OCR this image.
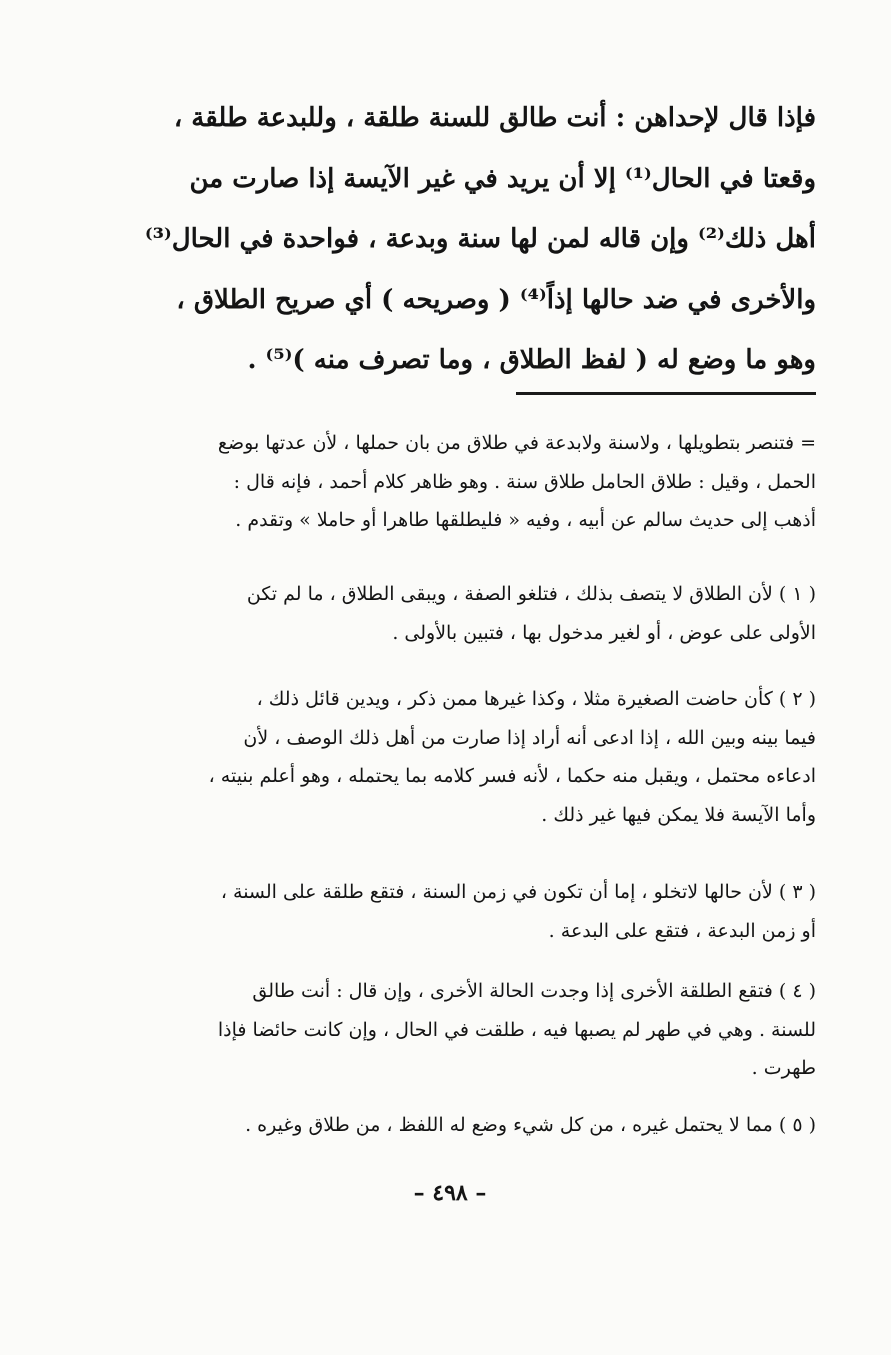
فإذا قال لإحداهن : أنت طالق للسنة طلقة ، وللبدعة طلقة ،
وقعتا في الحال⁽¹⁾ إلا أن يريد في غير الآيسة إذا صارت من
أهل ذلك⁽²⁾ وإن قاله لمن لها سنة وبدعة ، فواحدة في الحال⁽³⁾
والأخرى في ضد حالها إذاً⁽⁴⁾ ( وصريحه ) أي صريح الطلاق ،
وهو ما وضع له ( لفظ الطلاق ، وما تصرف منه )⁽⁵⁾ .
= فتنصر بتطويلها ، ولاسنة ولابدعة في طلاق من بان حملها ، لأن عدتها بوضع
الحمل ، وقيل : طلاق الحامل طلاق سنة . وهو ظاهر كلام أحمد ، فإنه قال :
أذهب إلى حديث سالم عن أبيه ، وفيه « فليطلقها طاهرا أو حاملا » وتقدم .
( ١ ) لأن الطلاق لا يتصف بذلك ، فتلغو الصفة ، ويبقى الطلاق ، ما لم تكن
الأولى على عوض ، أو لغير مدخول بها ، فتبين بالأولى .
( ٢ ) كأن حاضت الصغيرة مثلا ، وكذا غيرها ممن ذكر ، ويدين قائل ذلك ،
فيما بينه وبين الله ، إذا ادعى أنه أراد إذا صارت من أهل ذلك الوصف ، لأن
ادعاءه محتمل ، ويقبل منه حكما ، لأنه فسر كلامه بما يحتمله ، وهو أعلم بنيته ،
وأما الآيسة فلا يمكن فيها غير ذلك .
( ٣ ) لأن حالها لاتخلو ، إما أن تكون في زمن السنة ، فتقع طلقة على السنة ،
أو زمن البدعة ، فتقع على البدعة .
( ٤ ) فتقع الطلقة الأخرى إذا وجدت الحالة الأخرى ، وإن قال : أنت طالق
للسنة . وهي في طهر لم يصبها فيه ، طلقت في الحال ، وإن كانت حائضا فإذا
طهرت .
( ٥ ) مما لا يحتمل غيره ، من كل شيء وضع له اللفظ ، من طلاق وغيره .
– ٤٩٨ –
